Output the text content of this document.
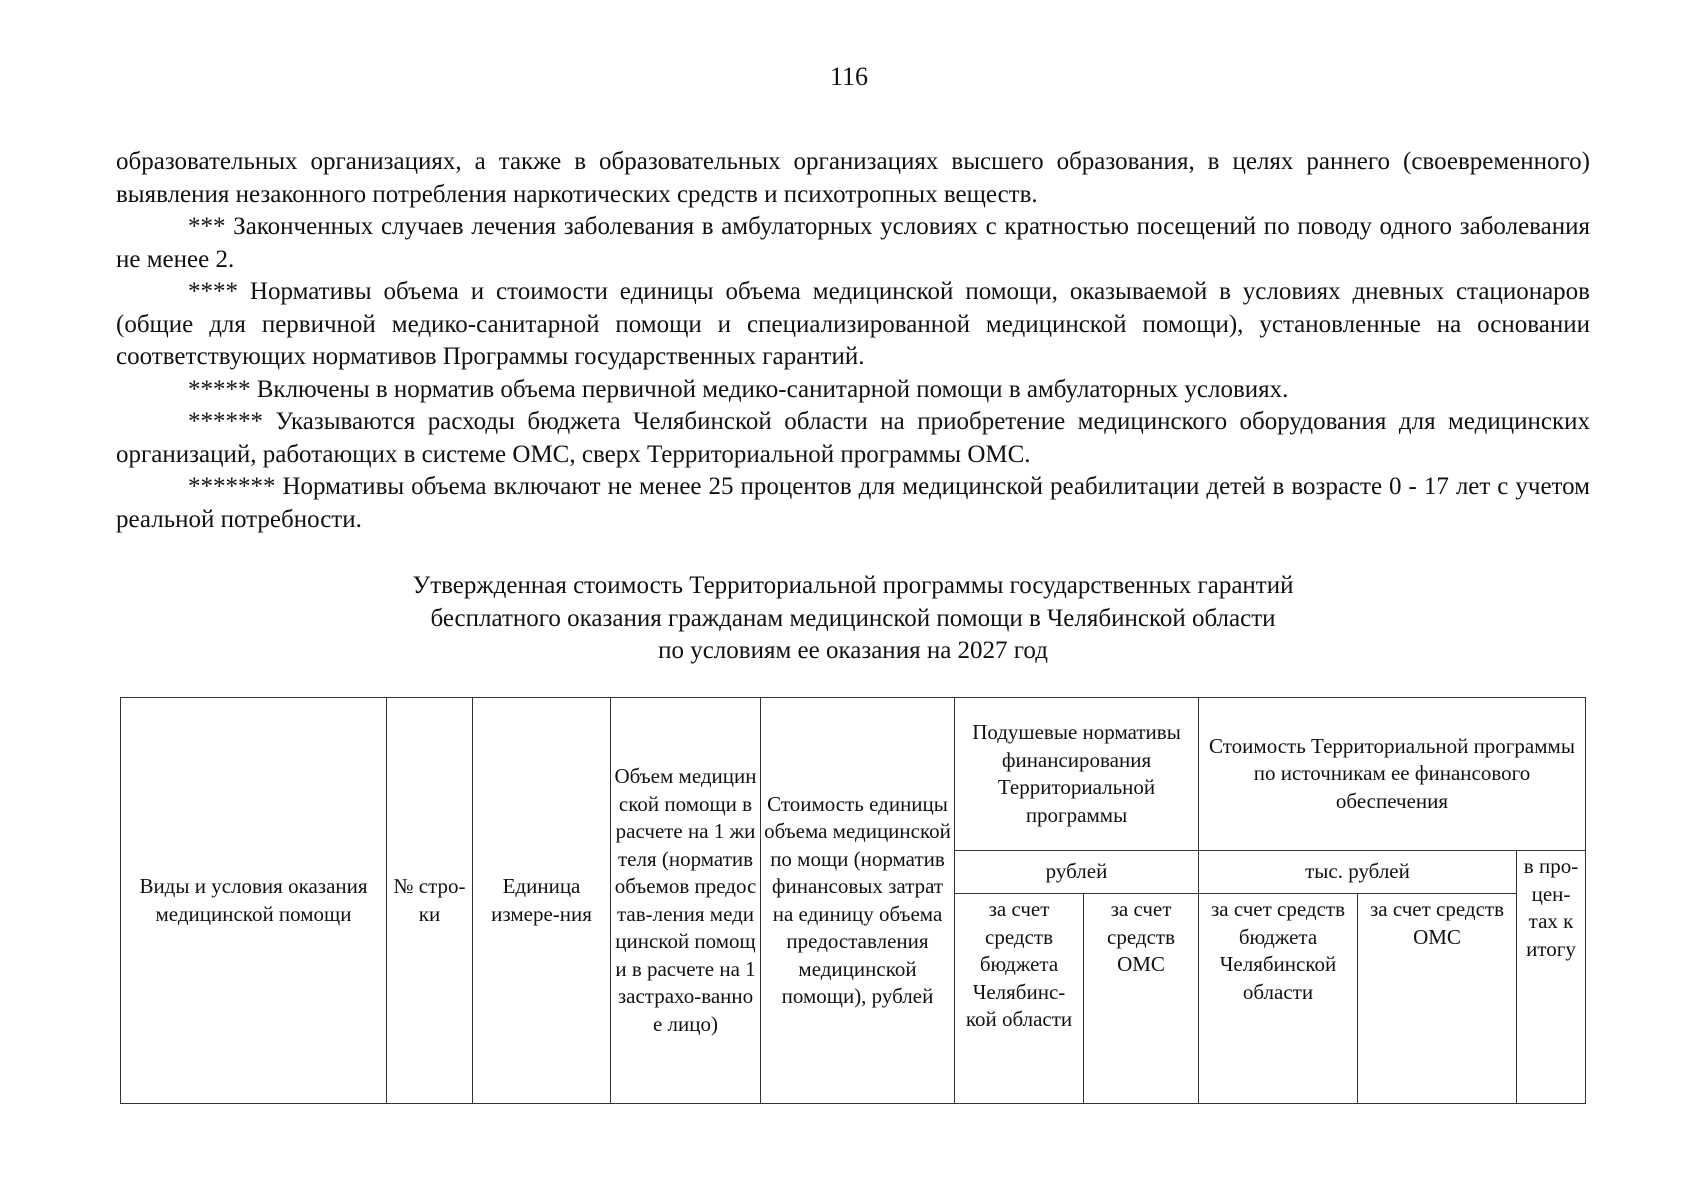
116

образовательных организациях, а также в образовательных организациях высшего образования, в целях раннего (своевременного) выявления незаконного потребления наркотических средств и психотропных веществ.

*** Законченных случаев лечения заболевания в амбулаторных условиях с кратностью посещений по поводу одного заболевания не менее 2.

**** Нормативы объема и стоимости единицы объема медицинской помощи, оказываемой в условиях дневных стационаров (общие для первичной медико-санитарной помощи и специализированной медицинской помощи), установленные на основании соответствующих нормативов Программы государственных гарантий.

***** Включены в норматив объема первичной медико-санитарной помощи в амбулаторных условиях.

****** Указываются расходы бюджета Челябинской области на приобретение медицинского оборудования для медицинских организаций, работающих в системе ОМС, сверх Территориальной программы ОМС.

******* Нормативы объема включают не менее 25 процентов для медицинской реабилитации детей в возрасте 0 - 17 лет с учетом реальной потребности.

Утвержденная стоимость Территориальной программы государственных гарантий
бесплатного оказания гражданам медицинской помощи в Челябинской области
по условиям ее оказания на 2027 год
Виды и условия оказания медицинской помощи	№ стро-ки	Единица измере-ния	Объем медицинской помощи в расчете на 1 жителя (норматив объемов предостав-ления медицинской помощи в расчете на 1 застрахо-ванное лицо)	Стоимость единицы объема медицинской по мощи (норматив финансовых затрат на единицу объема предоставления медицинской помощи), рублей	Подушевые нормативы финансирования Территориальной программы		Стоимость Территориальной программы по источникам ее финансового обеспечения		
					рублей		тыс. рублей		в про-цен-тах к итогу
					за счет средств бюджета Челябинс-кой области	за счет средств ОМС	за счет средств бюджета Челябинской области	за счет средств ОМС	
